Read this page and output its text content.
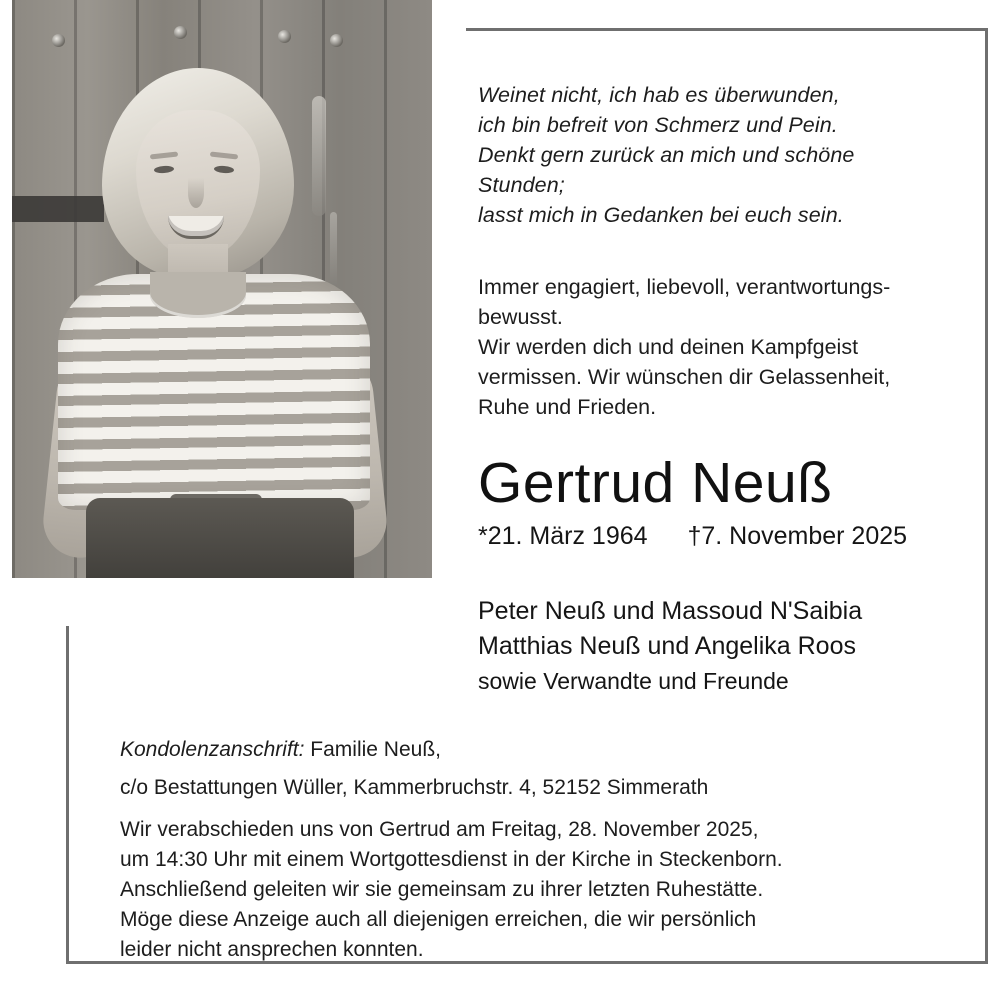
Weinet nicht, ich hab es überwunden,
ich bin befreit von Schmerz und Pein.
Denkt gern zurück an mich und schöne
Stunden;
lasst mich in Gedanken bei euch sein.
Immer engagiert, liebevoll, verantwortungs-
bewusst.
Wir werden dich und deinen Kampfgeist
vermissen. Wir wünschen dir Gelassenheit,
Ruhe und Frieden.
Gertrud Neuß
*21. März 1964 †7. November 2025
Peter Neuß und Massoud N'Saibia
Matthias Neuß und Angelika Roos
sowie Verwandte und Freunde
Kondolenzanschrift: Familie Neuß,

c/o Bestattungen Wüller, Kammerbruchstr. 4, 52152 Simmerath

Wir verabschieden uns von Gertrud am Freitag, 28. November 2025,

um 14:30 Uhr mit einem Wortgottesdienst in der Kirche in Steckenborn.

Anschließend geleiten wir sie gemeinsam zu ihrer letzten Ruhestätte.

Möge diese Anzeige auch all diejenigen erreichen, die wir persönlich

leider nicht ansprechen konnten.
